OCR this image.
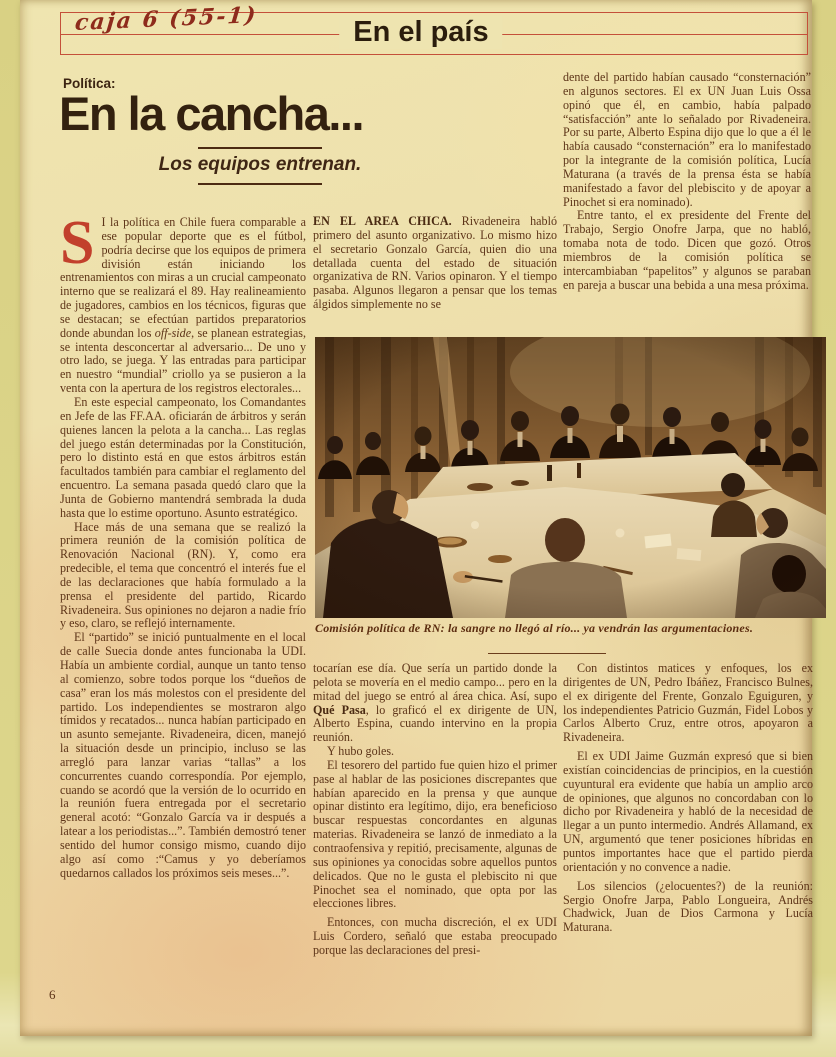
caja 6 (55-1)	En el país
Política:
En la cancha...
Los equipos entrenan.

S I la política en Chile fuera comparable a ese popular deporte que es el fútbol, podría decirse que los equipos de primera división están iniciando los entrenamientos con miras a un crucial campeonato interno que se realizará el 89. Hay realineamiento de jugadores, cambios en los técnicos, figuras que se destacan; se efectúan partidos preparatorios donde abundan los off-side, se planean estrategias, se intenta desconcertar al adversario... De uno y otro lado, se juega. Y las entradas para participar en nuestro “mundial” criollo ya se pusieron a la venta con la apertura de los registros electorales...

En este especial campeonato, los Comandantes en Jefe de las FF.AA. oficiarán de árbitros y serán quienes lancen la pelota a la cancha... Las reglas del juego están determinadas por la Constitución, pero lo distinto está en que estos árbitros están facultados también para cambiar el reglamento del encuentro. La semana pasada quedó claro que la Junta de Gobierno mantendrá sembrada la duda hasta que lo estime oportuno. Asunto estratégico.

Hace más de una semana que se realizó la primera reunión de la comisión política de Renovación Nacional (RN). Y, como era predecible, el tema que concentró el interés fue el de las declaraciones que había formulado a la prensa el presidente del partido, Ricardo Rivadeneira. Sus opiniones no dejaron a nadie frío y eso, claro, se reflejó internamente.

El “partido” se inició puntualmente en el local de calle Suecia donde antes funcionaba la UDI. Había un ambiente cordial, aunque un tanto tenso al comienzo, sobre todos porque los “dueños de casa” eran los más molestos con el presidente del partido. Los independientes se mostraron algo tímidos y recatados... nunca habían participado en un asunto semejante. Rivadeneira, dicen, manejó la situación desde un principio, incluso se las arregló para lanzar varias “tallas” a los concurrentes cuando correspondía. Por ejemplo, cuando se acordó que la versión de lo ocurrido en la reunión fuera entregada por el secretario general acotó: “Gonzalo García va ir después a latear a los periodistas...”. También demostró tener sentido del humor consigo mismo, cuando dijo algo así como :“Camus y yo deberíamos quedarnos callados los próximos seis meses...”.

EN EL AREA CHICA. Rivadeneira habló primero del asunto organizativo. Lo mismo hizo el secretario Gonzalo García, quien dio una detallada cuenta del estado de situación organizativa de RN. Varios opinaron. Y el tiempo pasaba. Algunos llegaron a pensar que los temas álgidos simplemente no se

dente del partido habían causado “consternación” en algunos sectores. El ex UN Juan Luis Ossa opinó que él, en cambio, había palpado “satisfacción” ante lo señalado por Rivadeneira. Por su parte, Alberto Espina dijo que lo que a él le había causado “consternación” era lo manifestado por la integrante de la comisión política, Lucía Maturana (a través de la prensa ésta se había manifestado a favor del plebiscito y de apoyar a Pinochet si era nominado).

Entre tanto, el ex presidente del Frente del Trabajo, Sergio Onofre Jarpa, que no habló, tomaba nota de todo. Dicen que gozó. Otros miembros de la comisión política se intercambiaban “papelitos” y algunos se paraban en pareja a buscar una bebida a una mesa próxima.

Comisión política de RN: la sangre no llegó al río... ya vendrán las argumentaciones.

tocarían ese día. Que sería un partido donde la pelota se movería en el medio campo... pero en la mitad del juego se entró al área chica. Así, supo Qué Pasa, lo graficó el ex dirigente de UN, Alberto Espina, cuando intervino en la propia reunión.

Y hubo goles.

El tesorero del partido fue quien hizo el primer pase al hablar de las posiciones discrepantes que habían aparecido en la prensa y que aunque opinar distinto era legítimo, dijo, era beneficioso buscar respuestas concordantes en algunas materias. Rivadeneira se lanzó de inmediato a la contraofensiva y repitió, precisamente, algunas de sus opiniones ya conocidas sobre aquellos puntos delicados. Que no le gusta el plebiscito ni que Pinochet sea el nominado, que opta por las elecciones libres.

Entonces, con mucha discreción, el ex UDI Luis Cordero, señaló que estaba preocupado porque las declaraciones del presi-

Con distintos matices y enfoques, los ex dirigentes de UN, Pedro Ibáñez, Francisco Bulnes, el ex dirigente del Frente, Gonzalo Eguiguren, y los independientes Patricio Guzmán, Fidel Lobos y Carlos Alberto Cruz, entre otros, apoyaron a Rivadeneira.

El ex UDI Jaime Guzmán expresó que si bien existían coincidencias de principios, en la cuestión cuyuntural era evidente que había un amplio arco de opiniones, que algunos no concordaban con lo dicho por Rivadeneira y habló de la necesidad de llegar a un punto intermedio. Andrés Allamand, ex UN, argumentó que tener posiciones híbridas en puntos importantes hace que el partido pierda orientación y no convence a nadie.

Los silencios (¿elocuentes?) de la reunión: Sergio Onofre Jarpa, Pablo Longueira, Andrés Chadwick, Juan de Dios Carmona y Lucía Maturana.

6
